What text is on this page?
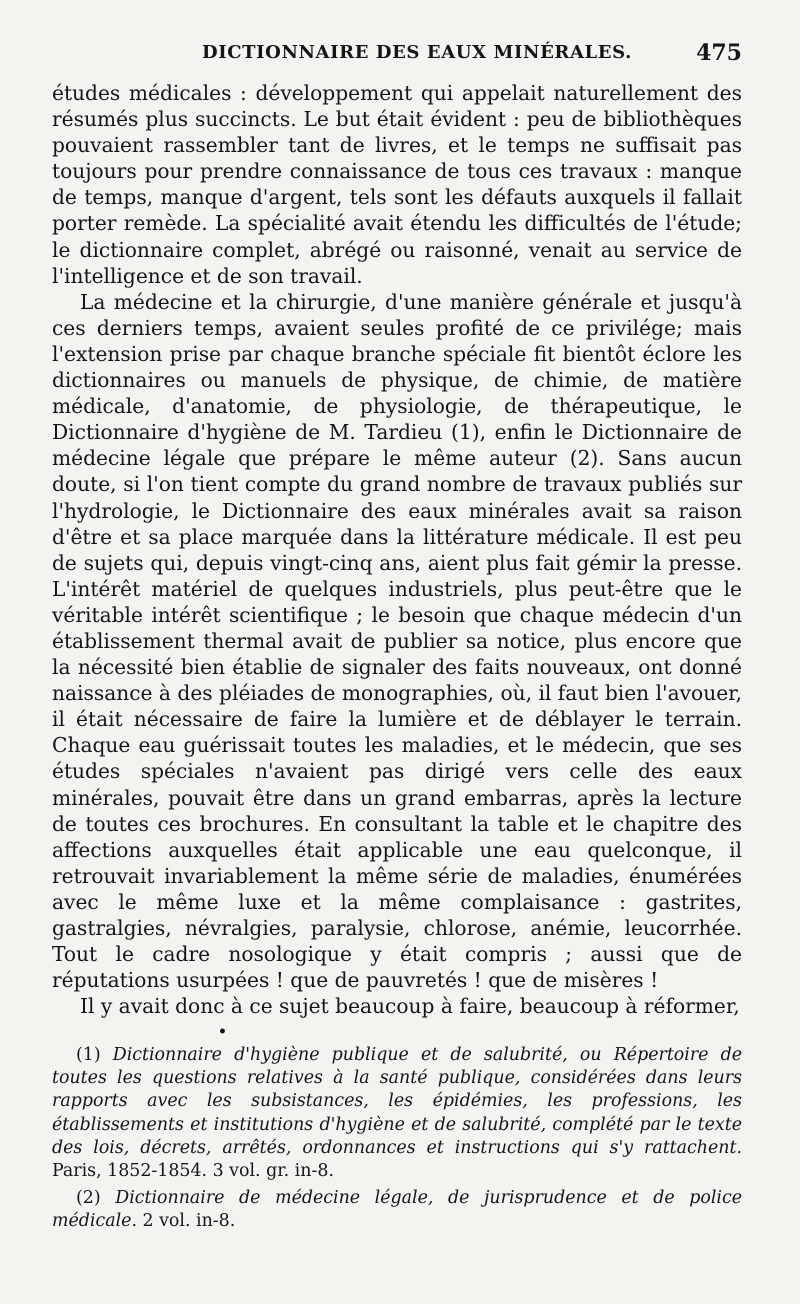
DICTIONNAIRE DES EAUX MINÉRALES.	475

études médicales : développement qui appelait naturellement des résumés plus succincts. Le but était évident : peu de bibliothèques pouvaient rassembler tant de livres, et le temps ne suffisait pas toujours pour prendre connaissance de tous ces travaux : manque de temps, manque d'argent, tels sont les défauts auxquels il fallait porter remède. La spécialité avait étendu les difficultés de l'étude; le dictionnaire complet, abrégé ou raisonné, venait au service de l'intelligence et de son travail.

La médecine et la chirurgie, d'une manière générale et jusqu'à ces derniers temps, avaient seules profité de ce privilége; mais l'extension prise par chaque branche spéciale fit bientôt éclore les dictionnaires ou manuels de physique, de chimie, de matière médicale, d'anatomie, de physiologie, de thérapeutique, le Dictionnaire d'hygiène de M. Tardieu (1), enfin le Dictionnaire de médecine légale que prépare le même auteur (2). Sans aucun doute, si l'on tient compte du grand nombre de travaux publiés sur l'hydrologie, le Dictionnaire des eaux minérales avait sa raison d'être et sa place marquée dans la littérature médicale. Il est peu de sujets qui, depuis vingt-cinq ans, aient plus fait gémir la presse. L'intérêt matériel de quelques industriels, plus peut-être que le véritable intérêt scientifique ; le besoin que chaque médecin d'un établissement thermal avait de publier sa notice, plus encore que la nécessité bien établie de signaler des faits nouveaux, ont donné naissance à des pléiades de monographies, où, il faut bien l'avouer, il était nécessaire de faire la lumière et de déblayer le terrain. Chaque eau guérissait toutes les maladies, et le médecin, que ses études spéciales n'avaient pas dirigé vers celle des eaux minérales, pouvait être dans un grand embarras, après la lecture de toutes ces brochures. En consultant la table et le chapitre des affections auxquelles était applicable une eau quelconque, il retrouvait invariablement la même série de maladies, énumérées avec le même luxe et la même complaisance : gastrites, gastralgies, névralgies, paralysie, chlorose, anémie, leucorrhée. Tout le cadre nosologique y était compris ; aussi que de réputations usurpées ! que de pauvretés ! que de misères !

Il y avait donc à ce sujet beaucoup à faire, beaucoup à réformer,

•

(1) Dictionnaire d'hygiène publique et de salubrité, ou Répertoire de toutes les questions relatives à la santé publique, considérées dans leurs rapports avec les subsistances, les épidémies, les professions, les établissements et institutions d'hygiène et de salubrité, complété par le texte des lois, décrets, arrêtés, ordonnances et instructions qui s'y rattachent. Paris, 1852-1854. 3 vol. gr. in-8.

(2) Dictionnaire de médecine légale, de jurisprudence et de police médicale. 2 vol. in-8.
